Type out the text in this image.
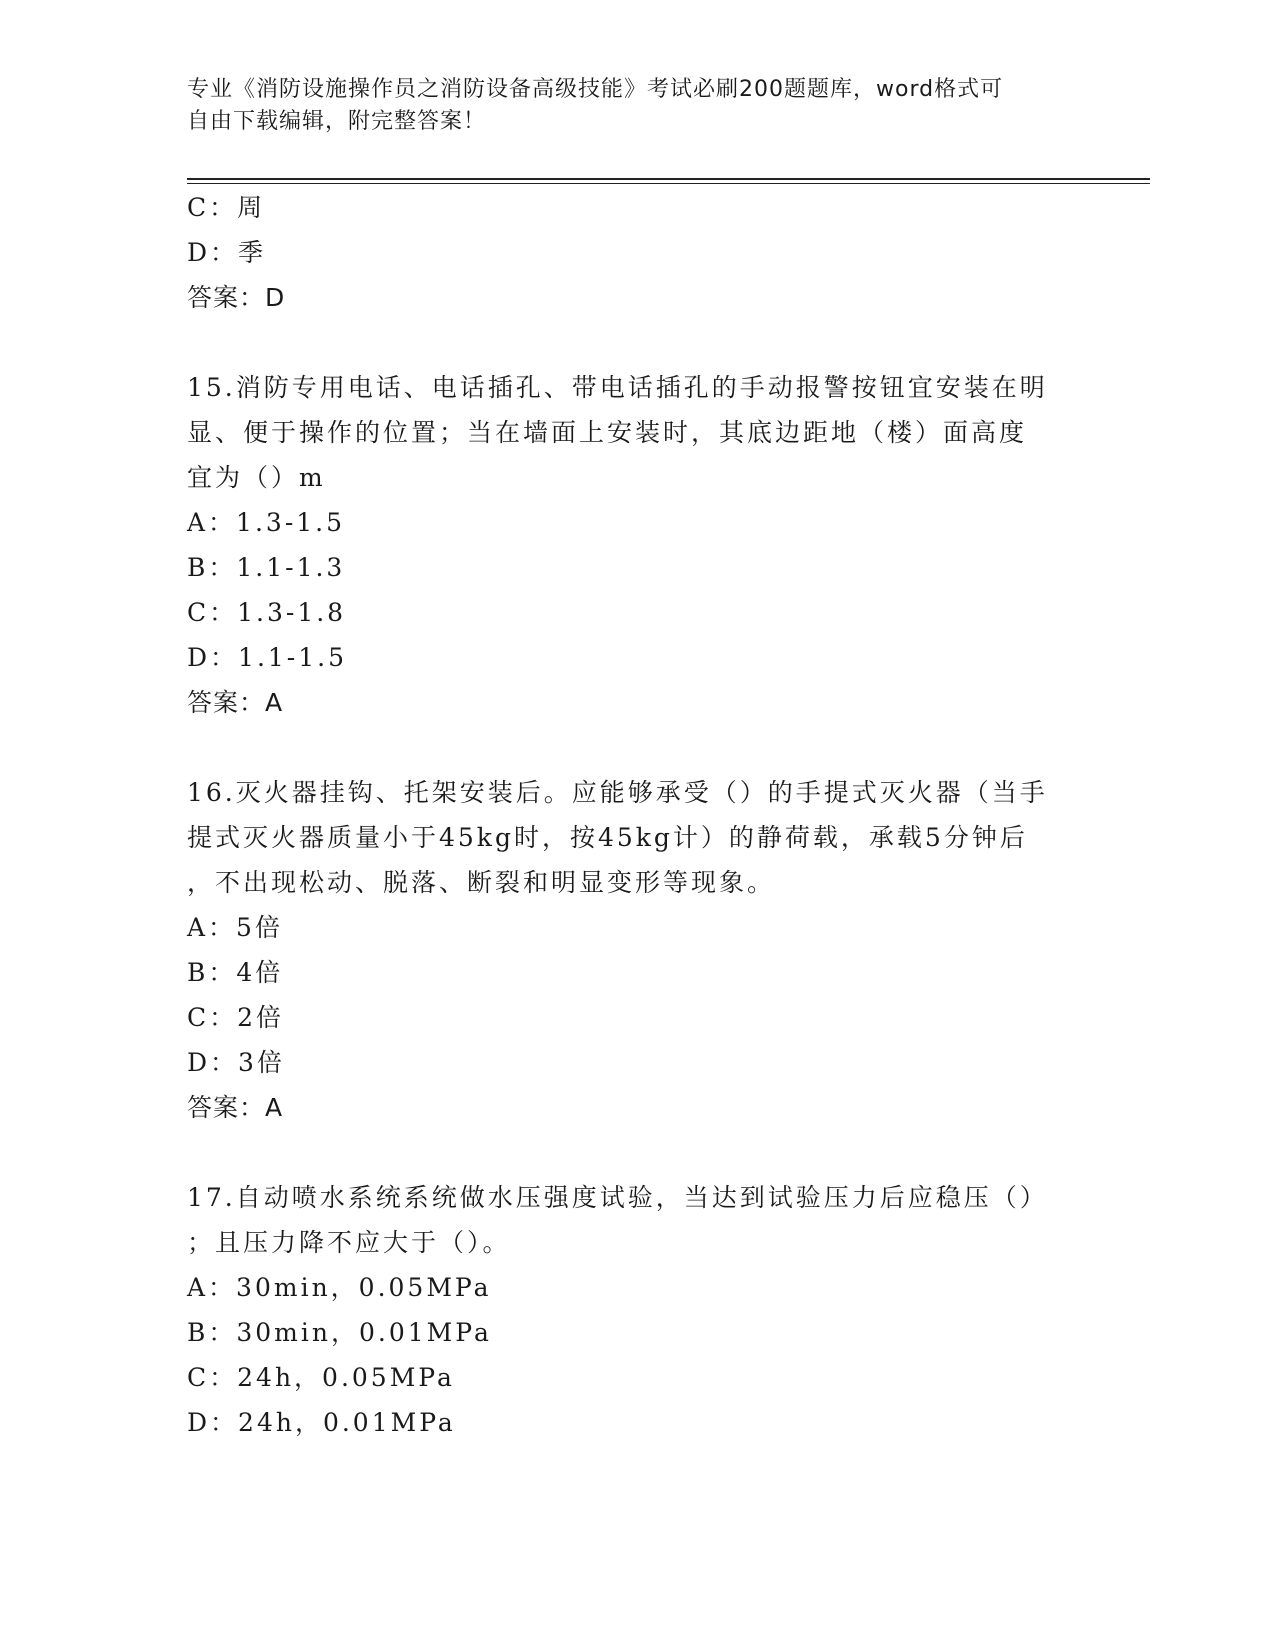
专业《消防设施操作员之消防设备高级技能》考试必刷200题题库，word格式可
自由下载编辑，附完整答案！
C：周
D：季
答案：D
15.消防专用电话、电话插孔、带电话插孔的手动报警按钮宜安装在明
显、便于操作的位置；当在墙面上安装时，其底边距地（楼）面高度
宜为（）m
A：1.3-1.5
B：1.1-1.3
C：1.3-1.8
D：1.1-1.5
答案：A
16.灭火器挂钩、托架安装后。应能够承受（）的手提式灭火器（当手
提式灭火器质量小于45kg时，按45kg计）的静荷载，承载5分钟后
，不出现松动、脱落、断裂和明显变形等现象。
A：5倍
B：4倍
C：2倍
D：3倍
答案：A
17.自动喷水系统系统做水压强度试验，当达到试验压力后应稳压（）
；且压力降不应大于（）。
A：30min，0.05MPa
B：30min，0.01MPa
C：24h，0.05MPa
D：24h，0.01MPa
